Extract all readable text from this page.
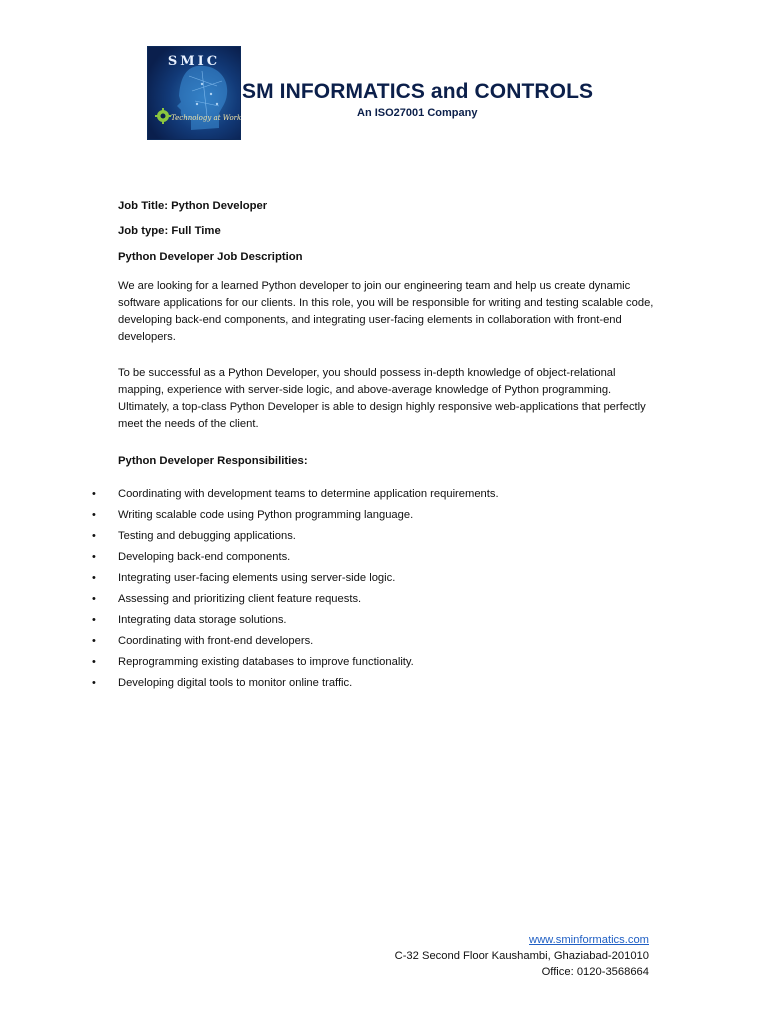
SMIC
Technology at Work
SM INFORMATICS and CONTROLS
An ISO27001 Company
Job Title: Python Developer
Job type: Full Time
Python Developer Job Description

We are looking for a learned Python developer to join our engineering team and help us create dynamic software applications for our clients. In this role, you will be responsible for writing and testing scalable code, developing back-end components, and integrating user-facing elements in collaboration with front-end developers.

To be successful as a Python Developer, you should possess in-depth knowledge of object-relational mapping, experience with server-side logic, and above-average knowledge of Python programming. Ultimately, a top-class Python Developer is able to design highly responsive web-applications that perfectly meet the needs of the client.

Python Developer Responsibilities:
•	Coordinating with development teams to determine application requirements.
•	Writing scalable code using Python programming language.
•	Testing and debugging applications.
•	Developing back-end components.
•	Integrating user-facing elements using server-side logic.
•	Assessing and prioritizing client feature requests.
•	Integrating data storage solutions.
•	Coordinating with front-end developers.
•	Reprogramming existing databases to improve functionality.
•	Developing digital tools to monitor online traffic.
www.sminformatics.com
C-32 Second Floor Kaushambi, Ghaziabad-201010
Office: 0120-3568664
